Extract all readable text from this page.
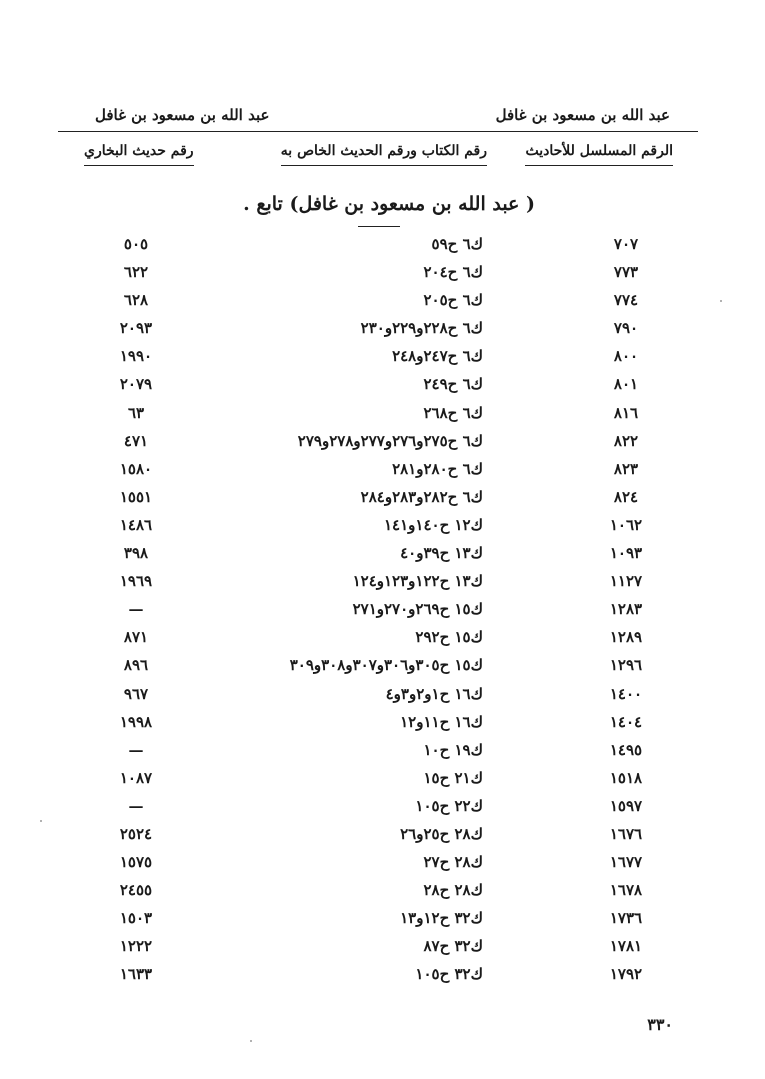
عبد الله بن مسعود بن غافل
عبد الله بن مسعود بن غافل
الرقم المسلسل للأحاديث
رقم الكتاب ورقم الحديث الخاص به
رقم حديث البخاري
( عبد الله بن مسعود بن غافل) تابع .
٧٠٧
ك٦ ح٥٩
٥٠٥
٧٧٣
ك٦ ح٢٠٤
٦٢٢
٧٧٤
ك٦ ح٢٠٥
٦٢٨
٧٩٠
ك٦ ح٢٢٨و٢٢٩و٢٣٠
٢٠٩٣
٨٠٠
ك٦ ح٢٤٧و٢٤٨
١٩٩٠
٨٠١
ك٦ ح٢٤٩
٢٠٧٩
٨١٦
ك٦ ح٢٦٨
٦٣
٨٢٢
ك٦ ح٢٧٥و٢٧٦و٢٧٧و٢٧٨و٢٧٩
٤٧١
٨٢٣
ك٦ ح٢٨٠و٢٨١
١٥٨٠
٨٢٤
ك٦ ح٢٨٢و٢٨٣و٢٨٤
١٥٥١
١٠٦٢
ك١٢ ح١٤٠و١٤١
١٤٨٦
١٠٩٣
ك١٣ ح٣٩و٤٠
٣٩٨
١١٢٧
ك١٣ ح١٢٢و١٢٣و١٢٤
١٩٦٩
١٢٨٣
ك١٥ ح٢٦٩و٢٧٠و٢٧١
—
١٢٨٩
ك١٥ ح٢٩٢
٨٧١
١٢٩٦
ك١٥ ح٣٠٥و٣٠٦و٣٠٧و٣٠٨و٣٠٩
٨٩٦
١٤٠٠
ك١٦ ح١و٢و٣و٤
٩٦٧
١٤٠٤
ك١٦ ح١١و١٢
١٩٩٨
١٤٩٥
ك١٩ ح١٠
—
١٥١٨
ك٢١ ح١٥
١٠٨٧
١٥٩٧
ك٢٢ ح١٠٥
—
١٦٧٦
ك٢٨ ح٢٥و٢٦
٢٥٢٤
١٦٧٧
ك٢٨ ح٢٧
١٥٧٥
١٦٧٨
ك٢٨ ح٢٨
٢٤٥٥
١٧٣٦
ك٣٢ ح١٢و١٣
١٥٠٣
١٧٨١
ك٣٢ ح٨٧
١٢٢٢
١٧٩٢
ك٣٢ ح١٠٥
١٦٣٣
٣٣٠
